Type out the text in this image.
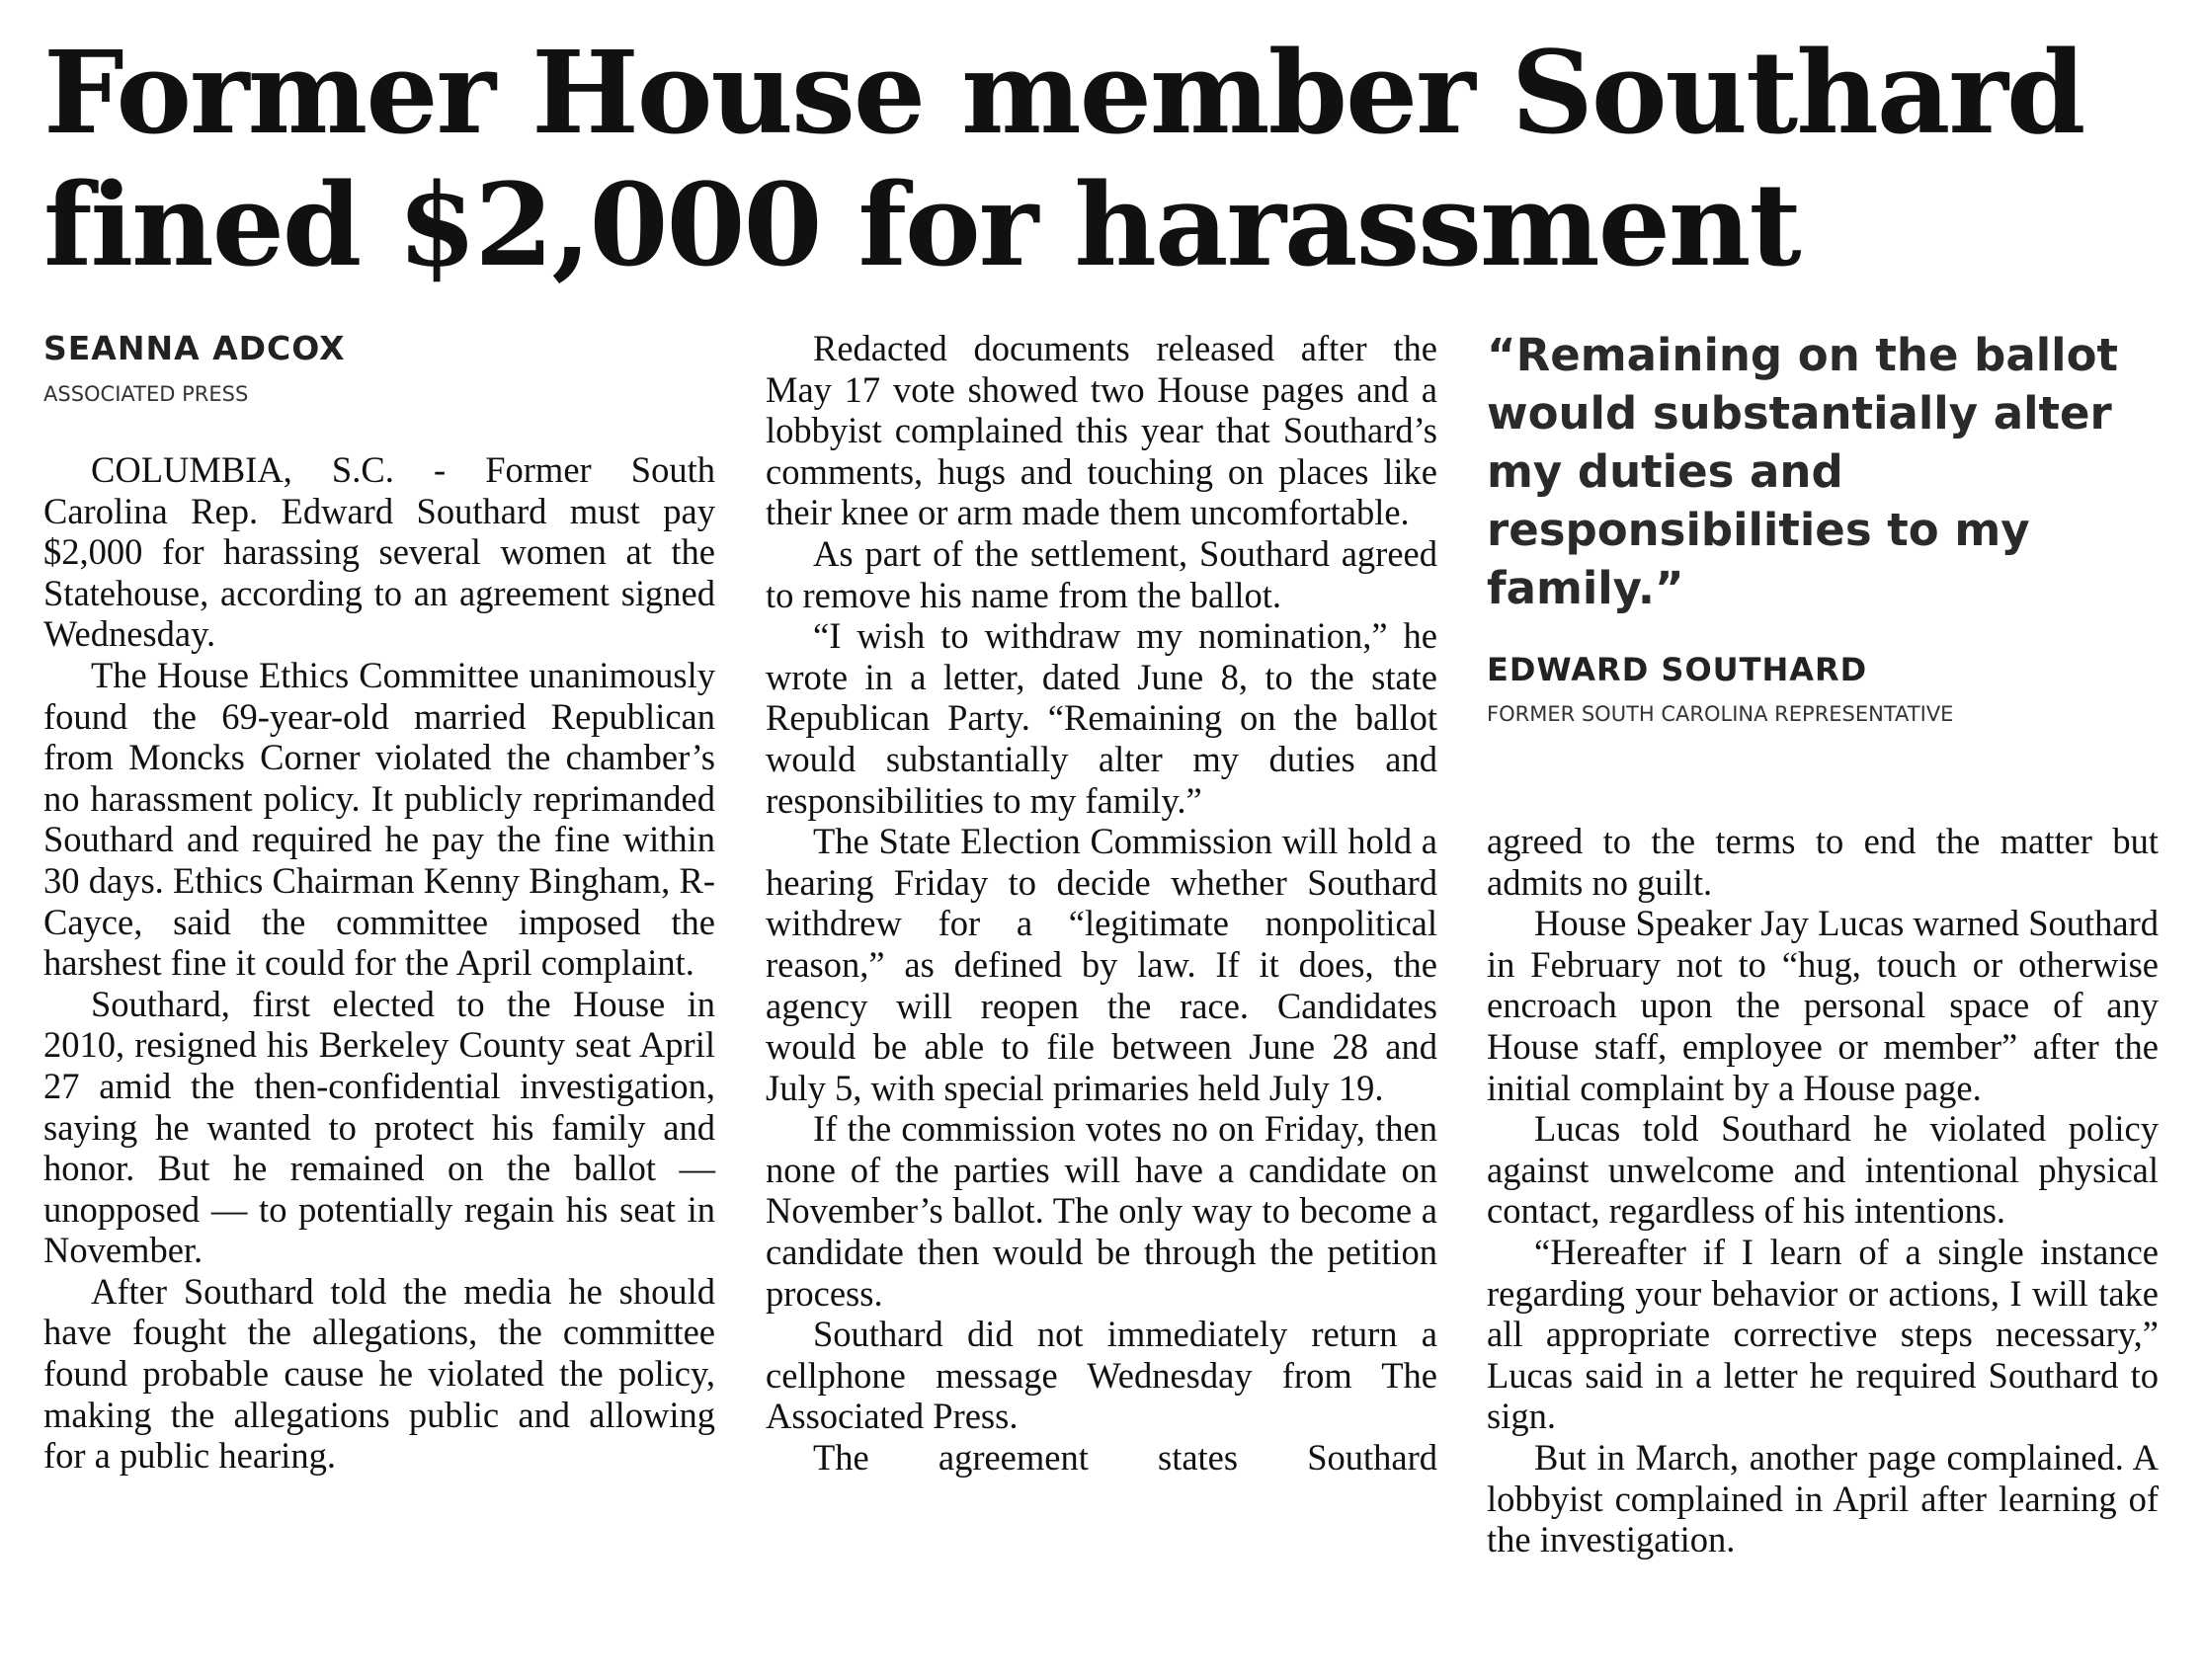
Former House member Southard
fined $2,000 for harassment
SEANNA ADCOX
ASSOCIATED PRESS

COLUMBIA, S.C. - Former South Carolina Rep. Edward Southard must pay $2,000 for harassing several women at the Statehouse, according to an agreement signed Wednesday.

The House Ethics Committee unanimously found the 69-year-old married Republican from Moncks Corner violated the chamber’s no harassment policy. It publicly reprimanded Southard and required he pay the fine within 30 days. Ethics Chairman Kenny Bingham, R-Cayce, said the committee imposed the harshest fine it could for the April complaint.

Southard, first elected to the House in 2010, resigned his Berkeley County seat April 27 amid the then-confidential investigation, saying he wanted to protect his family and honor. But he remained on the ballot — unopposed — to potentially regain his seat in November.

After Southard told the media he should have fought the allegations, the committee found probable cause he violated the policy, making the allegations public and allowing for a public hearing.

Redacted documents released after the May 17 vote showed two House pages and a lobbyist complained this year that Southard’s comments, hugs and touching on places like their knee or arm made them uncomfortable.

As part of the settlement, Southard agreed to remove his name from the ballot.

“I wish to withdraw my nomination,” he wrote in a letter, dated June 8, to the state Republican Party. “Remaining on the ballot would substantially alter my duties and responsibilities to my family.”

The State Election Commission will hold a hearing Friday to decide whether Southard withdrew for a “legitimate nonpolitical reason,” as defined by law. If it does, the agency will reopen the race. Candidates would be able to file between June 28 and July 5, with special primaries held July 19.

If the commission votes no on Friday, then none of the parties will have a candidate on November’s ballot. The only way to become a candidate then would be through the petition process.

Southard did not immediately return a cellphone message Wednesday from The Associated Press.

The agreement states Southard

“Remaining on the ballot would substantially alter my duties and responsibilities to my family.”
EDWARD SOUTHARD
FORMER SOUTH CAROLINA REPRESENTATIVE

agreed to the terms to end the matter but admits no guilt.

House Speaker Jay Lucas warned Southard in February not to “hug, touch or otherwise encroach upon the personal space of any House staff, employee or member” after the initial complaint by a House page.

Lucas told Southard he violated policy against unwelcome and intentional physical contact, regardless of his intentions.

“Hereafter if I learn of a single instance regarding your behavior or actions, I will take all appropriate corrective steps necessary,” Lucas said in a letter he required Southard to sign.

But in March, another page complained. A lobbyist complained in April after learning of the investigation.
